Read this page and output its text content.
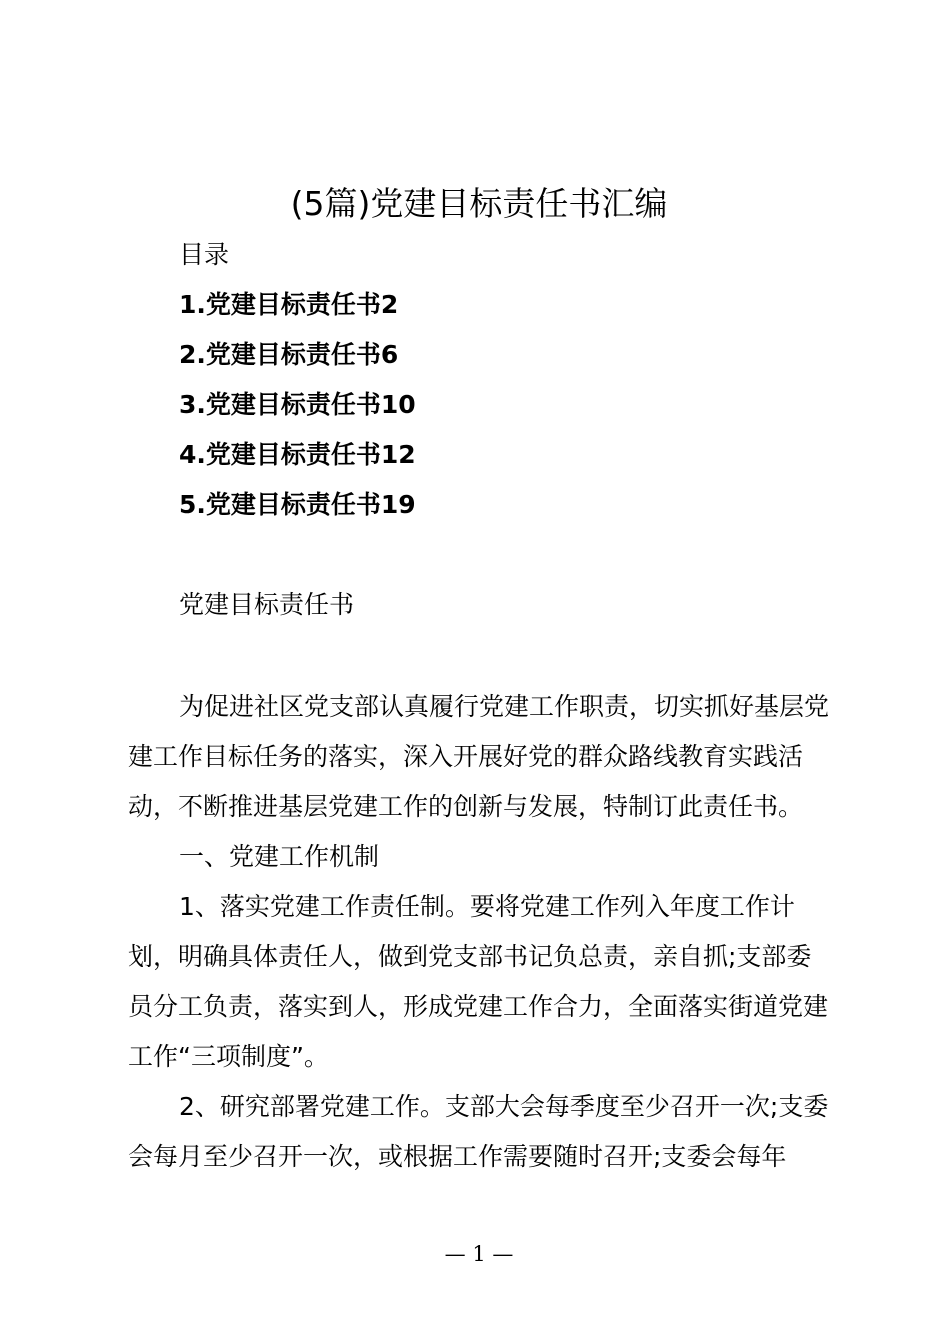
(5篇)党建目标责任书汇编
目录
1.党建目标责任书2
2.党建目标责任书6
3.党建目标责任书10
4.党建目标责任书12
5.党建目标责任书19
党建目标责任书

为促进社区党支部认真履行党建工作职责，切实抓好基层党建工作目标任务的落实，深入开展好党的群众路线教育实践活动，不断推进基层党建工作的创新与发展，特制订此责任书。

一、党建工作机制

1、落实党建工作责任制。要将党建工作列入年度工作计划，明确具体责任人，做到党支部书记负总责，亲自抓;支部委员分工负责，落实到人，形成党建工作合力，全面落实街道党建工作“三项制度”。

2、研究部署党建工作。支部大会每季度至少召开一次;支委会每月至少召开一次，或根据工作需要随时召开;支委会每年

— 1 —
